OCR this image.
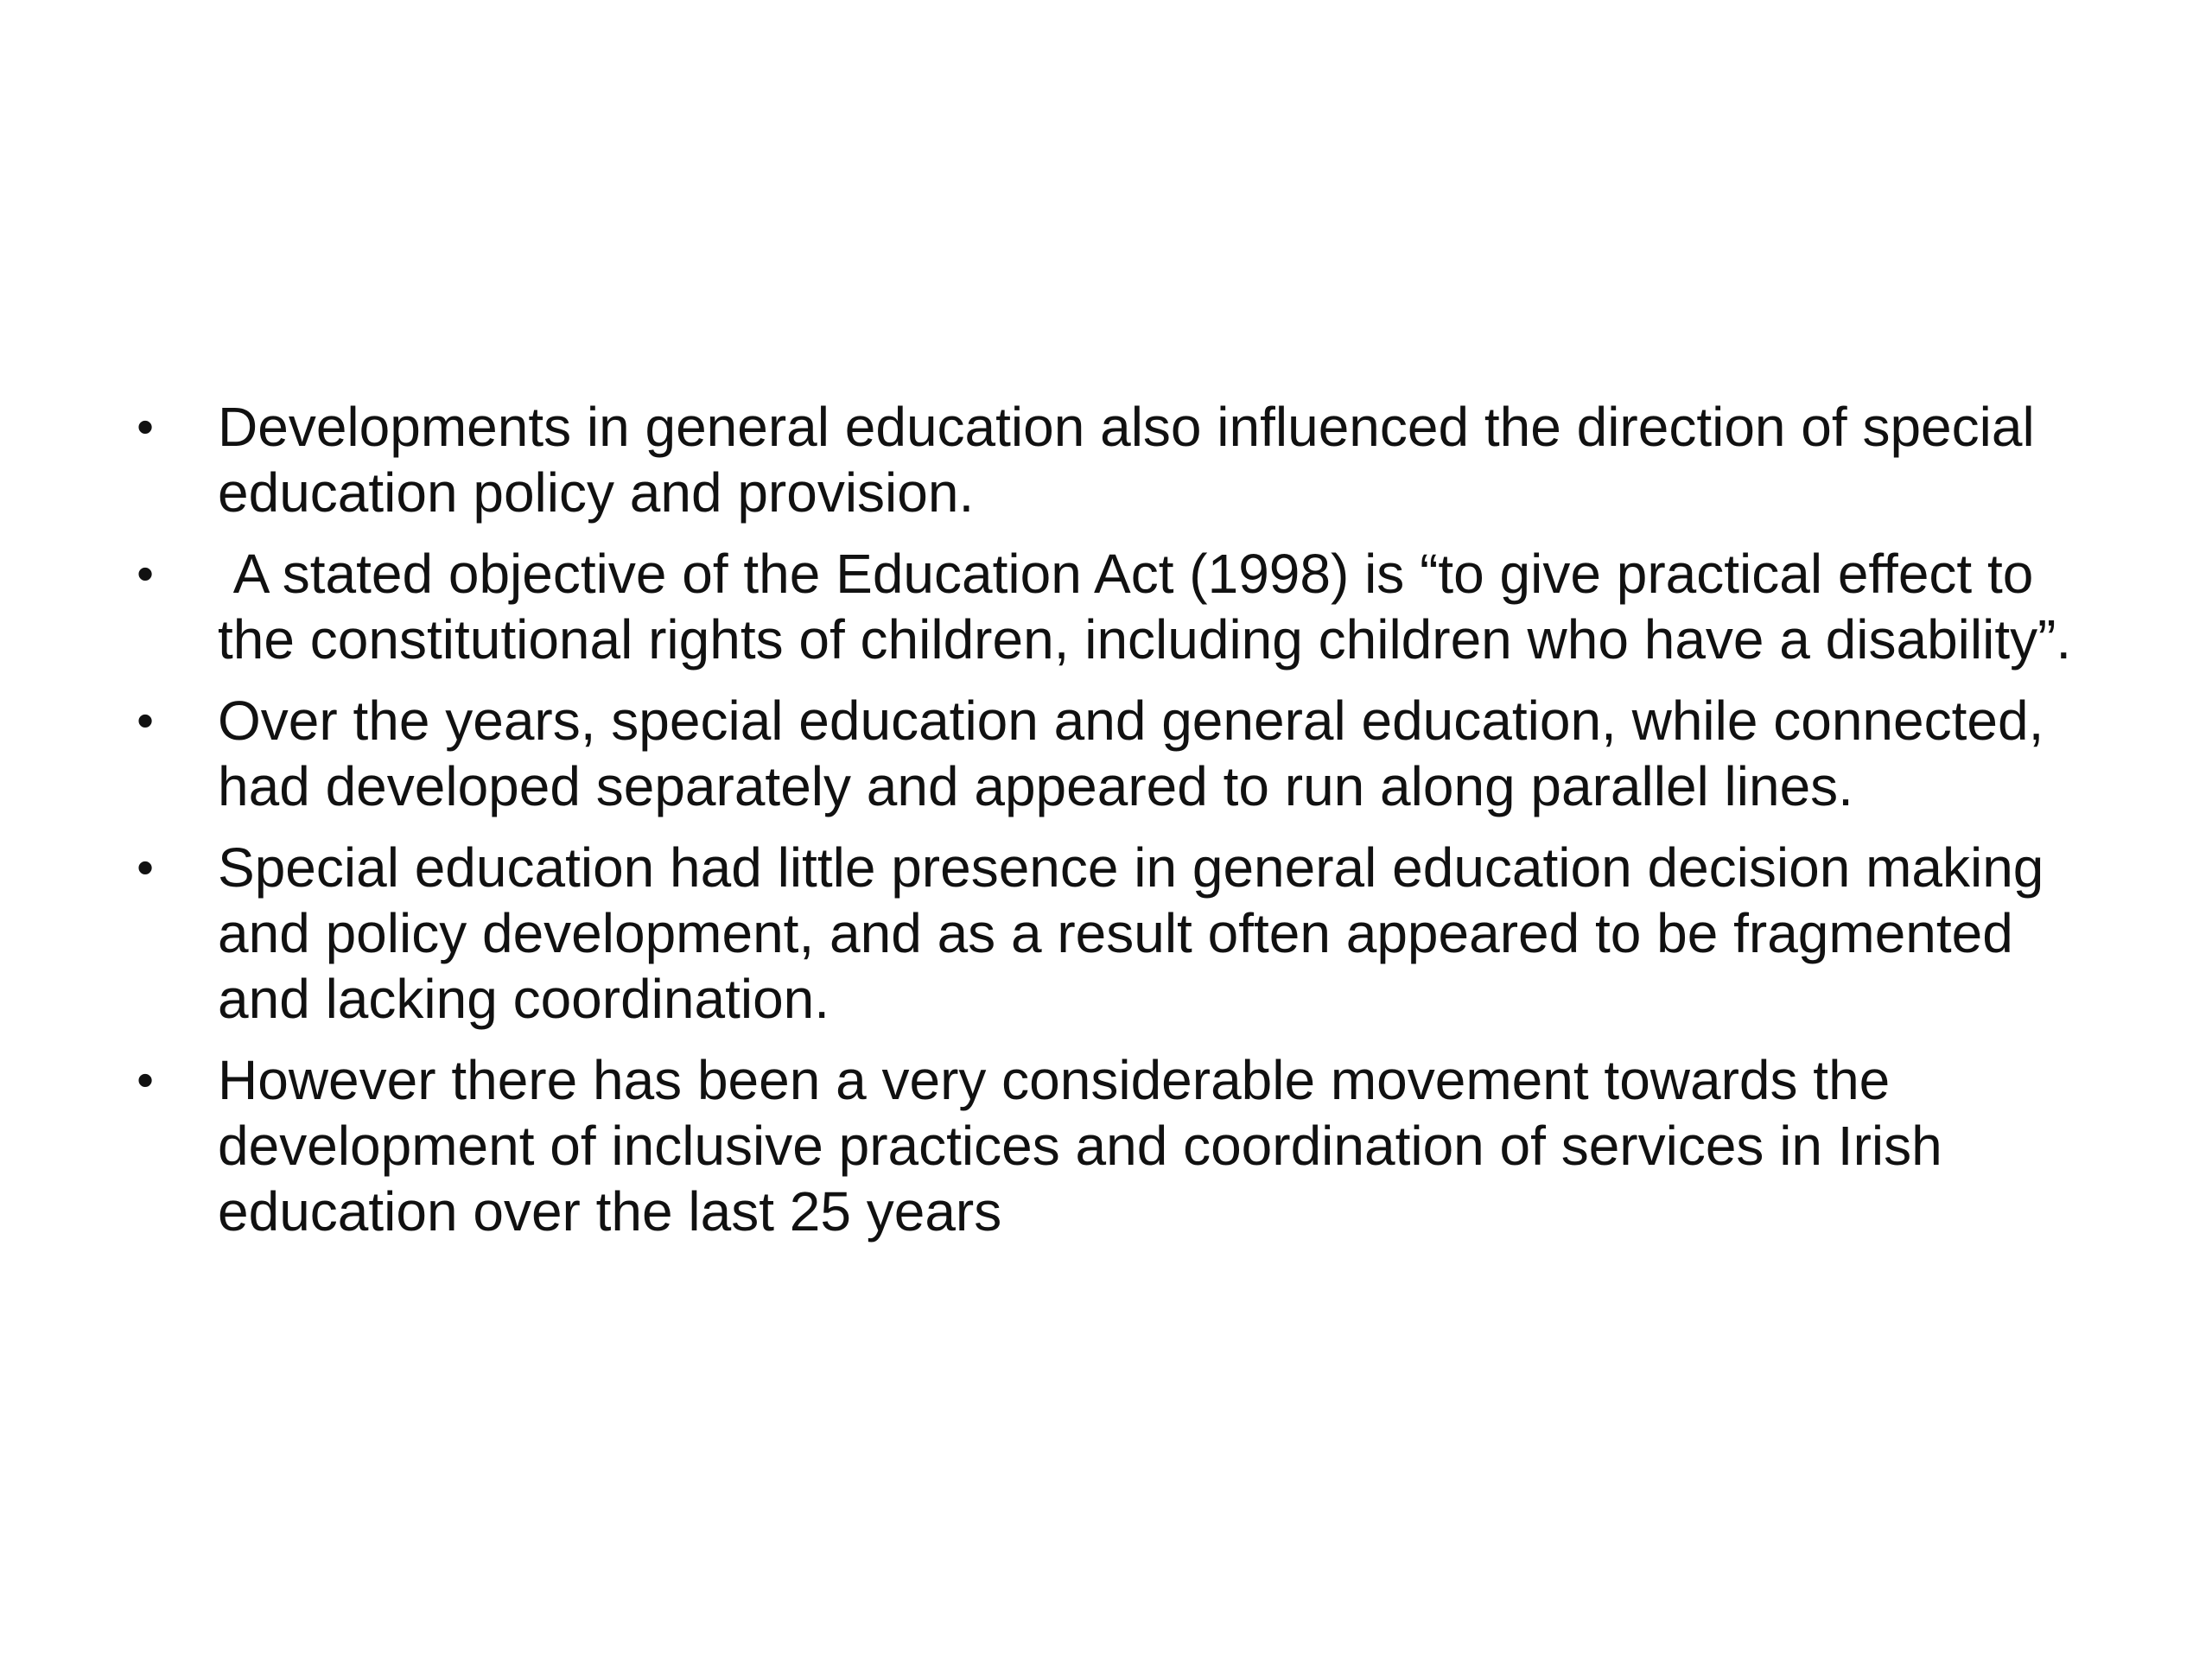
• Developments in general education also influenced the direction of special education policy and provision.
• A stated objective of the Education Act (1998) is “to give practical effect to the constitutional rights of children, including children who have a disability”.
• Over the years, special education and general education, while connected, had developed separately and appeared to run along parallel lines.
• Special education had little presence in general education decision making and policy development, and as a result often appeared to be fragmented and lacking coordination.
• However there has been a very considerable movement towards the development of inclusive practices and coordination of services in Irish education over the last 25 years
